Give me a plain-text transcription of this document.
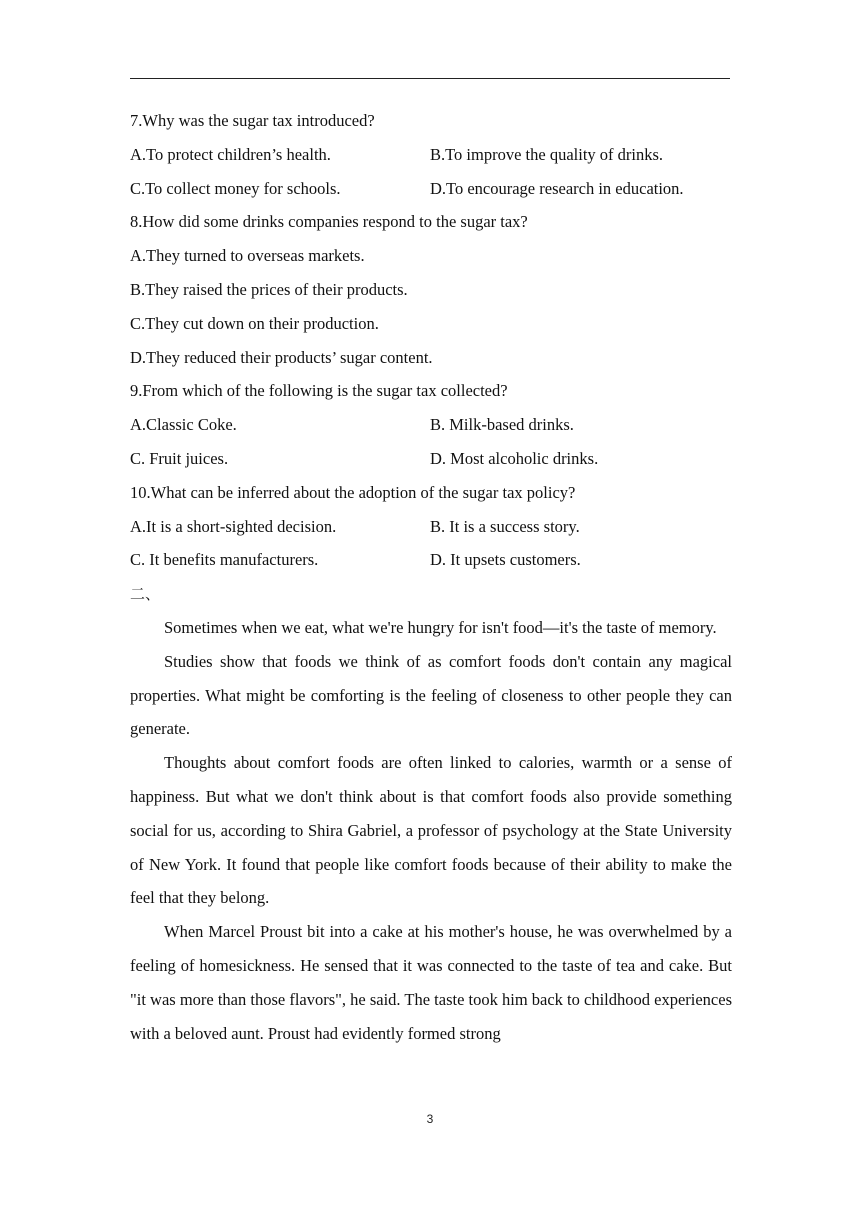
7.Why was the sugar tax introduced?
A.To protect children’s health.	B.To improve the quality of drinks.
C.To collect money for schools.	D.To encourage research in education.
8.How did some drinks companies respond to the sugar tax?
A.They turned to overseas markets.
B.They raised the prices of their products.
C.They cut down on their production.
D.They reduced their products’ sugar content.
9.From which of the following is the sugar tax collected?
A.Classic Coke.	B. Milk-based drinks.
C. Fruit juices.	D. Most alcoholic drinks.
10.What can be inferred about the adoption of the sugar tax policy?
A.It is a short-sighted decision.	B. It is a success story.
C. It benefits manufacturers.	D. It upsets customers.
二、
Sometimes when we eat, what we're hungry for isn't food—it's the taste of memory.
Studies show that foods we think of as comfort foods don't contain any magical properties. What might be comforting is the feeling of closeness to other people they can generate.
Thoughts about comfort foods are often linked to calories, warmth or a sense of happiness. But what we don't think about is that comfort foods also provide something social for us, according to Shira Gabriel, a professor of psychology at the State University of New York. It found that people like comfort foods because of their ability to make the feel that they belong.
When Marcel Proust bit into a cake at his mother's house, he was overwhelmed by a feeling of homesickness. He sensed that it was connected to the taste of tea and cake. But "it was more than those flavors", he said. The taste took him back to childhood experiences with a beloved aunt. Proust had evidently formed strong
3
